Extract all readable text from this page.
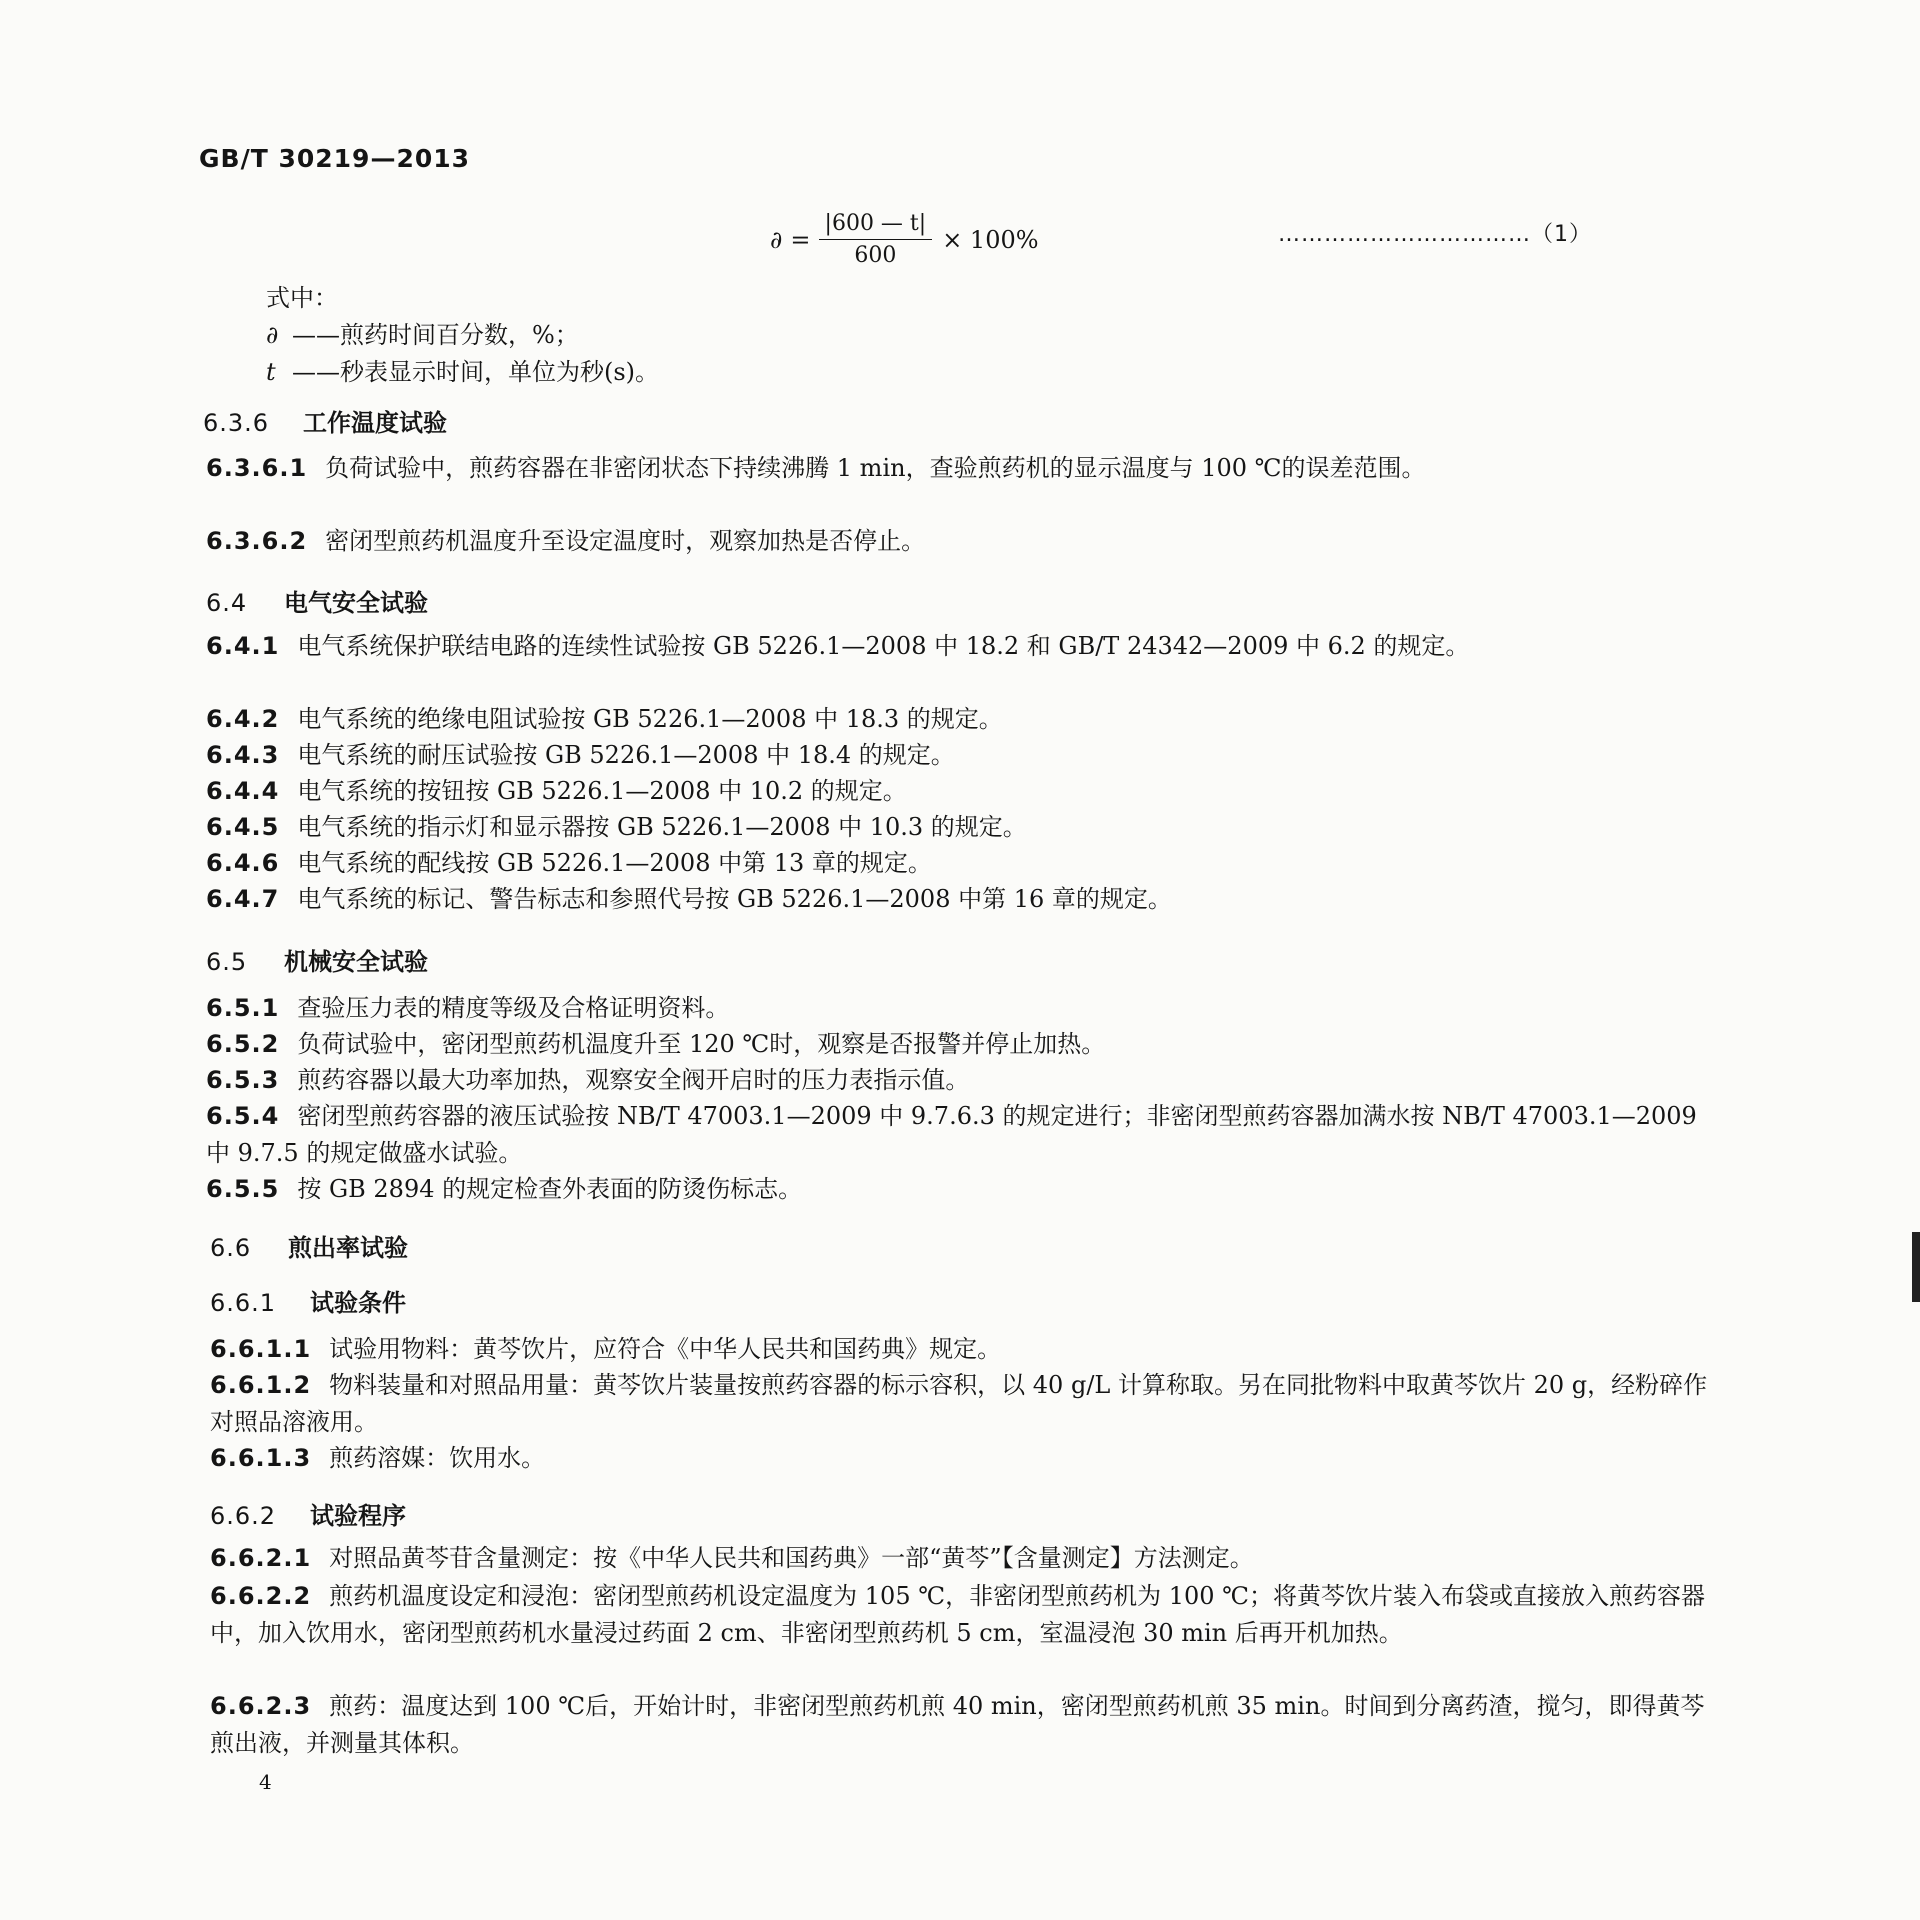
GB/T 30219—2013
∂ = $\frac{|600 — t|}{600} \times 100\%$	……………………………（1）
式中：
∂ ——煎药时间百分数，%；
t ——秒表显示时间，单位为秒(s)。
6.3.6 工作温度试验
6.3.6.1 负荷试验中，煎药容器在非密闭状态下持续沸腾 1 min，查验煎药机的显示温度与 100 ℃的误差范围。
6.3.6.2 密闭型煎药机温度升至设定温度时，观察加热是否停止。
6.4 电气安全试验
6.4.1 电气系统保护联结电路的连续性试验按 GB 5226.1—2008 中 18.2 和 GB/T 24342—2009 中 6.2 的规定。
6.4.2 电气系统的绝缘电阻试验按 GB 5226.1—2008 中 18.3 的规定。
6.4.3 电气系统的耐压试验按 GB 5226.1—2008 中 18.4 的规定。
6.4.4 电气系统的按钮按 GB 5226.1—2008 中 10.2 的规定。
6.4.5 电气系统的指示灯和显示器按 GB 5226.1—2008 中 10.3 的规定。
6.4.6 电气系统的配线按 GB 5226.1—2008 中第 13 章的规定。
6.4.7 电气系统的标记、警告标志和参照代号按 GB 5226.1—2008 中第 16 章的规定。
6.5 机械安全试验
6.5.1 查验压力表的精度等级及合格证明资料。
6.5.2 负荷试验中，密闭型煎药机温度升至 120 ℃时，观察是否报警并停止加热。
6.5.3 煎药容器以最大功率加热，观察安全阀开启时的压力表指示值。
6.5.4 密闭型煎药容器的液压试验按 NB/T 47003.1—2009 中 9.7.6.3 的规定进行；非密闭型煎药容器加满水按 NB/T 47003.1—2009 中 9.7.5 的规定做盛水试验。
6.5.5 按 GB 2894 的规定检查外表面的防烫伤标志。
6.6 煎出率试验
6.6.1 试验条件
6.6.1.1 试验用物料：黄芩饮片，应符合《中华人民共和国药典》规定。
6.6.1.2 物料装量和对照品用量：黄芩饮片装量按煎药容器的标示容积，以 40 g/L 计算称取。另在同批物料中取黄芩饮片 20 g，经粉碎作对照品溶液用。
6.6.1.3 煎药溶媒：饮用水。
6.6.2 试验程序
6.6.2.1 对照品黄芩苷含量测定：按《中华人民共和国药典》一部“黄芩”【含量测定】方法测定。
6.6.2.2 煎药机温度设定和浸泡：密闭型煎药机设定温度为 105 ℃，非密闭型煎药机为 100 ℃；将黄芩饮片装入布袋或直接放入煎药容器中，加入饮用水，密闭型煎药机水量浸过药面 2 cm、非密闭型煎药机 5 cm，室温浸泡 30 min 后再开机加热。
6.6.2.3 煎药：温度达到 100 ℃后，开始计时，非密闭型煎药机煎 40 min，密闭型煎药机煎 35 min。时间到分离药渣，搅匀，即得黄芩煎出液，并测量其体积。
4
